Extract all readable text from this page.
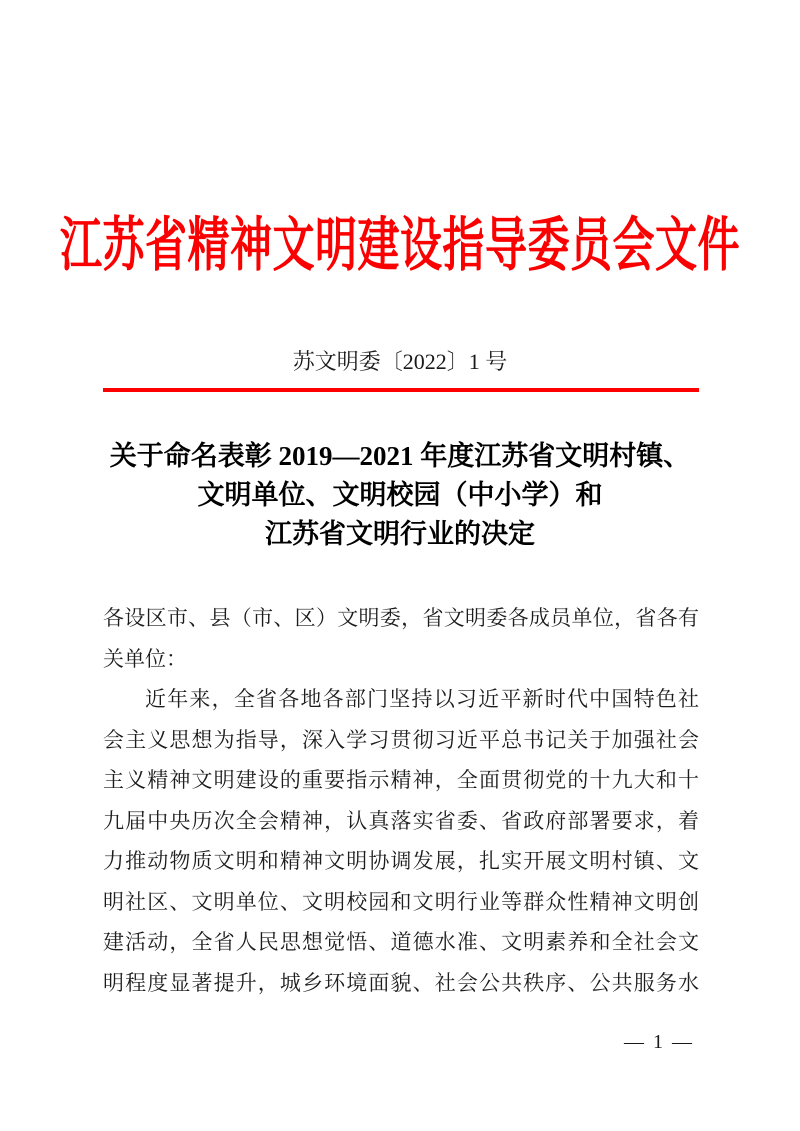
江苏省精神文明建设指导委员会文件
苏文明委〔2022〕1 号
关于命名表彰 2019—2021 年度江苏省文明村镇、
文明单位、文明校园（中小学）和
江苏省文明行业的决定
各设区市、县（市、区）文明委，省文明委各成员单位，省各有
关单位：
近年来，全省各地各部门坚持以习近平新时代中国特色社
会主义思想为指导，深入学习贯彻习近平总书记关于加强社会
主义精神文明建设的重要指示精神，全面贯彻党的十九大和十
九届中央历次全会精神，认真落实省委、省政府部署要求，着
力推动物质文明和精神文明协调发展，扎实开展文明村镇、文
明社区、文明单位、文明校园和文明行业等群众性精神文明创
建活动，全省人民思想觉悟、道德水准、文明素养和全社会文
明程度显著提升，城乡环境面貌、社会公共秩序、公共服务水
— 1 —
